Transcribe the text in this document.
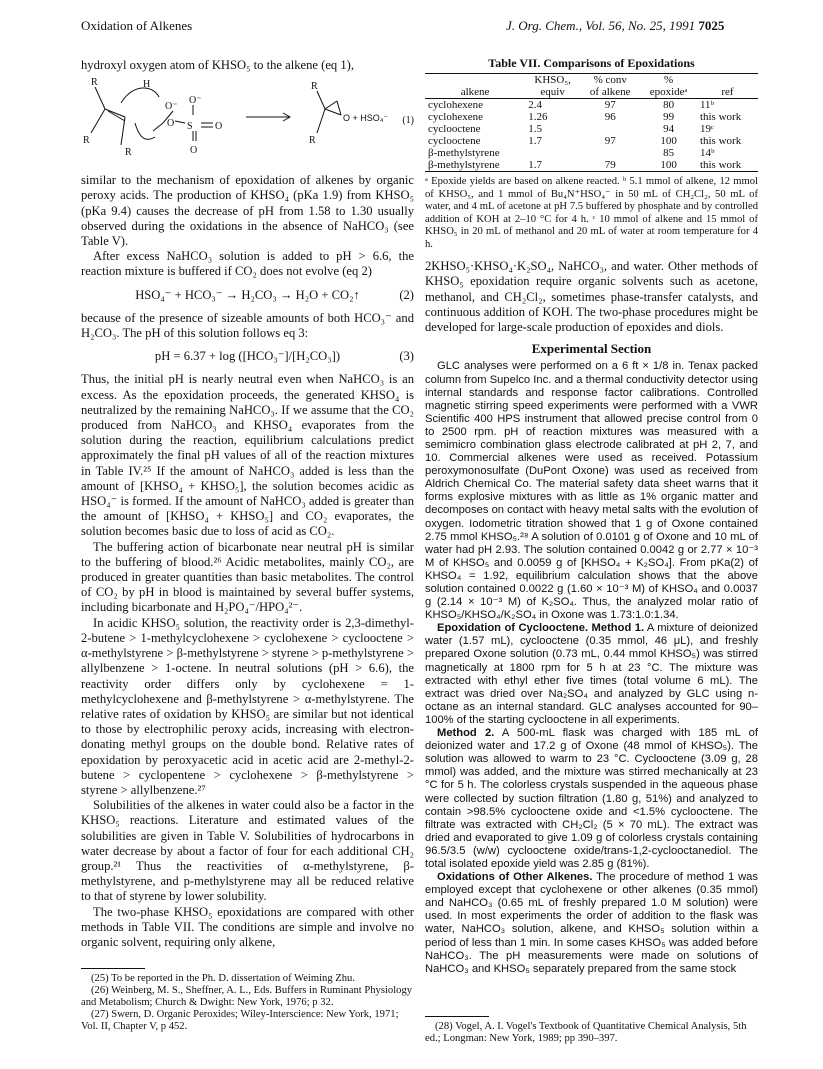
Oxidation of Alkenes	J. Org. Chem., Vol. 56, No. 25, 1991 7025

hydroxyl oxygen atom of KHSO₅ to the alkene (eq 1),

R
R
R
H
O⁻
O S O
O⁻
O
R
R
O + HSO₄⁻ (1)

similar to the mechanism of epoxidation of alkenes by organic peroxy acids. The production of KHSO₄ (pKa 1.9) from KHSO₅ (pKa 9.4) causes the decrease of pH from 1.58 to 1.30 usually observed during the oxidations in the absence of NaHCO₃ (see Table V).

After excess NaHCO₃ solution is added to pH > 6.6, the reaction mixture is buffered if CO₂ does not evolve (eq 2)

HSO₄⁻ + HCO₃⁻ → H₂CO₃ → H₂O + CO₂↑	(2)

because of the presence of sizeable amounts of both HCO₃⁻ and H₂CO₃. The pH of this solution follows eq 3:

pH = 6.37 + log ([HCO₃⁻]/[H₂CO₃])	(3)

Thus, the initial pH is nearly neutral even when NaHCO₃ is an excess. As the epoxidation proceeds, the generated KHSO₄ is neutralized by the remaining NaHCO₃. If we assume that the CO₂ produced from NaHCO₃ and KHSO₄ evaporates from the solution during the reaction, equilibrium calculations predict approximately the final pH values of all of the reaction mixtures in Table IV.²⁵ If the amount of NaHCO₃ added is less than the amount of [KHSO₄ + KHSO₅], the solution becomes acidic as HSO₄⁻ is formed. If the amount of NaHCO₃ added is greater than the amount of [KHSO₄ + KHSO₅] and CO₂ evaporates, the solution becomes basic due to loss of acid as CO₂.

The buffering action of bicarbonate near neutral pH is similar to the buffering of blood.²⁶ Acidic metabolites, mainly CO₂, are produced in greater quantities than basic metabolites. The control of CO₂ by pH in blood is maintained by several buffer systems, including bicarbonate and H₂PO₄⁻/HPO₄²⁻.

In acidic KHSO₅ solution, the reactivity order is 2,3-dimethyl-2-butene > 1-methylcyclohexene > cyclohexene > cyclooctene > α-methylstyrene > β-methylstyrene > styrene > p-methylstyrene > allylbenzene > 1-octene. In neutral solutions (pH > 6.6), the reactivity order differs only by cyclohexene = 1-methylcyclohexene and β-methylstyrene > α-methylstyrene. The relative rates of oxidation by KHSO₅ are similar but not identical to those by electrophilic peroxy acids, increasing with electron-donating methyl groups on the double bond. Relative rates of epoxidation by peroxyacetic acid in acetic acid are 2-methyl-2-butene > cyclopentene > cyclohexene > β-methylstyrene > styrene > allylbenzene.²⁷

Solubilities of the alkenes in water could also be a factor in the KHSO₅ reactions. Literature and estimated values of the solubilities are given in Table V. Solubilities of hydrocarbons in water decrease by about a factor of four for each additional CH₂ group.²¹ Thus the reactivities of α-methylstyrene, β-methylstyrene, and p-methylstyrene may all be reduced relative to that of styrene by lower solubility.

The two-phase KHSO₅ epoxidations are compared with other methods in Table VII. The conditions are simple and involve no organic solvent, requiring only alkene,

(25) To be reported in the Ph. D. dissertation of Weiming Zhu.

(26) Weinberg, M. S., Sheffner, A. L., Eds. Buffers in Ruminant Physiology and Metabolism; Church & Dwight: New York, 1976; p 32.

(27) Swern, D. Organic Peroxides; Wiley-Interscience: New York, 1971; Vol. II, Chapter V, p 452.

Table VII. Comparisons of Epoxidations
	KHSO₅,	% conv	%	
alkene	equiv	of alkene	epoxideᵃ	ref
cyclohexene	2.4	97	80	11ᵇ
cyclohexene	1.26	96	99	this work
cyclooctene	1.5		94	19ᶜ
cyclooctene	1.7	97	100	this work
β-methylstyrene			85	14ᵇ
β-methylstyrene	1.7	79	100	this work
ᵃ Epoxide yields are based on alkene reacted. ᵇ 5.1 mmol of alkene, 12 mmol of KHSO₅, and 1 mmol of Bu₄N⁺HSO₄⁻ in 50 mL of CH₂Cl₂, 50 mL of water, and 4 mL of acetone at pH 7.5 buffered by phosphate and by controlled addition of KOH at 2–10 °C for 4 h. ᶜ 10 mmol of alkene and 15 mmol of KHSO₅ in 20 mL of methanol and 20 mL of water at room temperature for 4 h.

2KHSO₅·KHSO₄·K₂SO₄, NaHCO₃, and water. Other methods of KHSO₅ epoxidation require organic solvents such as acetone, methanol, and CH₂Cl₂, sometimes phase-transfer catalysts, and continuous addition of KOH. The two-phase procedures might be developed for large-scale production of epoxides and diols.

Experimental Section

GLC analyses were performed on a 6 ft × 1/8 in. Tenax packed column from Supelco Inc. and a thermal conductivity detector using internal standards and response factor calibrations. Controlled magnetic stirring speed experiments were performed with a VWR Scientific 400 HPS instrument that allowed precise control from 0 to 2500 rpm. pH of reaction mixtures was measured with a semimicro combination glass electrode calibrated at pH 2, 7, and 10. Commercial alkenes were used as received. Potassium peroxymonosulfate (DuPont Oxone) was used as received from Aldrich Chemical Co. The material safety data sheet warns that it forms explosive mixtures with as little as 1% organic matter and decomposes on contact with heavy metal salts with the evolution of oxygen. Iodometric titration showed that 1 g of Oxone contained 2.75 mmol KHSO₅.²⁸ A solution of 0.0101 g of Oxone and 10 mL of water had pH 2.93. The solution contained 0.0042 g or 2.77 × 10⁻³ M of KHSO₅ and 0.0059 g of [KHSO₄ + K₂SO₄]. From pKa(2) of KHSO₄ = 1.92, equilibrium calculation shows that the above solution contained 0.0022 g (1.60 × 10⁻³ M) of KHSO₄ and 0.0037 g (2.14 × 10⁻³ M) of K₂SO₄. Thus, the analyzed molar ratio of KHSO₅/KHSO₄/K₂SO₄ in Oxone was 1.73:1.0:1.34.

Epoxidation of Cyclooctene. Method 1. A mixture of deionized water (1.57 mL), cyclooctene (0.35 mmol, 46 μL), and freshly prepared Oxone solution (0.73 mL, 0.44 mmol KHSO₅) was stirred magnetically at 1800 rpm for 5 h at 23 °C. The mixture was extracted with ethyl ether five times (total volume 6 mL). The extract was dried over Na₂SO₄ and analyzed by GLC using n-octane as an internal standard. GLC analyses accounted for 90–100% of the starting cyclooctene in all experiments.

Method 2. A 500-mL flask was charged with 185 mL of deionized water and 17.2 g of Oxone (48 mmol of KHSO₅). The solution was allowed to warm to 23 °C. Cyclooctene (3.09 g, 28 mmol) was added, and the mixture was stirred mechanically at 23 °C for 5 h. The colorless crystals suspended in the aqueous phase were collected by suction filtration (1.80 g, 51%) and analyzed to contain >98.5% cyclooctene oxide and <1.5% cyclooctene. The filtrate was extracted with CH₂Cl₂ (5 × 70 mL). The extract was dried and evaporated to give 1.09 g of colorless crystals containing 96.5/3.5 (w/w) cyclooctene oxide/trans-1,2-cyclooctanediol. The total isolated epoxide yield was 2.85 g (81%).

Oxidations of Other Alkenes. The procedure of method 1 was employed except that cyclohexene or other alkenes (0.35 mmol) and NaHCO₃ (0.65 mL of freshly prepared 1.0 M solution) were used. In most experiments the order of addition to the flask was water, NaHCO₃ solution, alkene, and KHSO₅ solution within a period of less than 1 min. In some cases KHSO₅ was added before NaHCO₃. The pH measurements were made on solutions of NaHCO₃ and KHSO₅ separately prepared from the same stock

(28) Vogel, A. I. Vogel's Textbook of Quantitative Chemical Analysis, 5th ed.; Longman: New York, 1989; pp 390–397.
